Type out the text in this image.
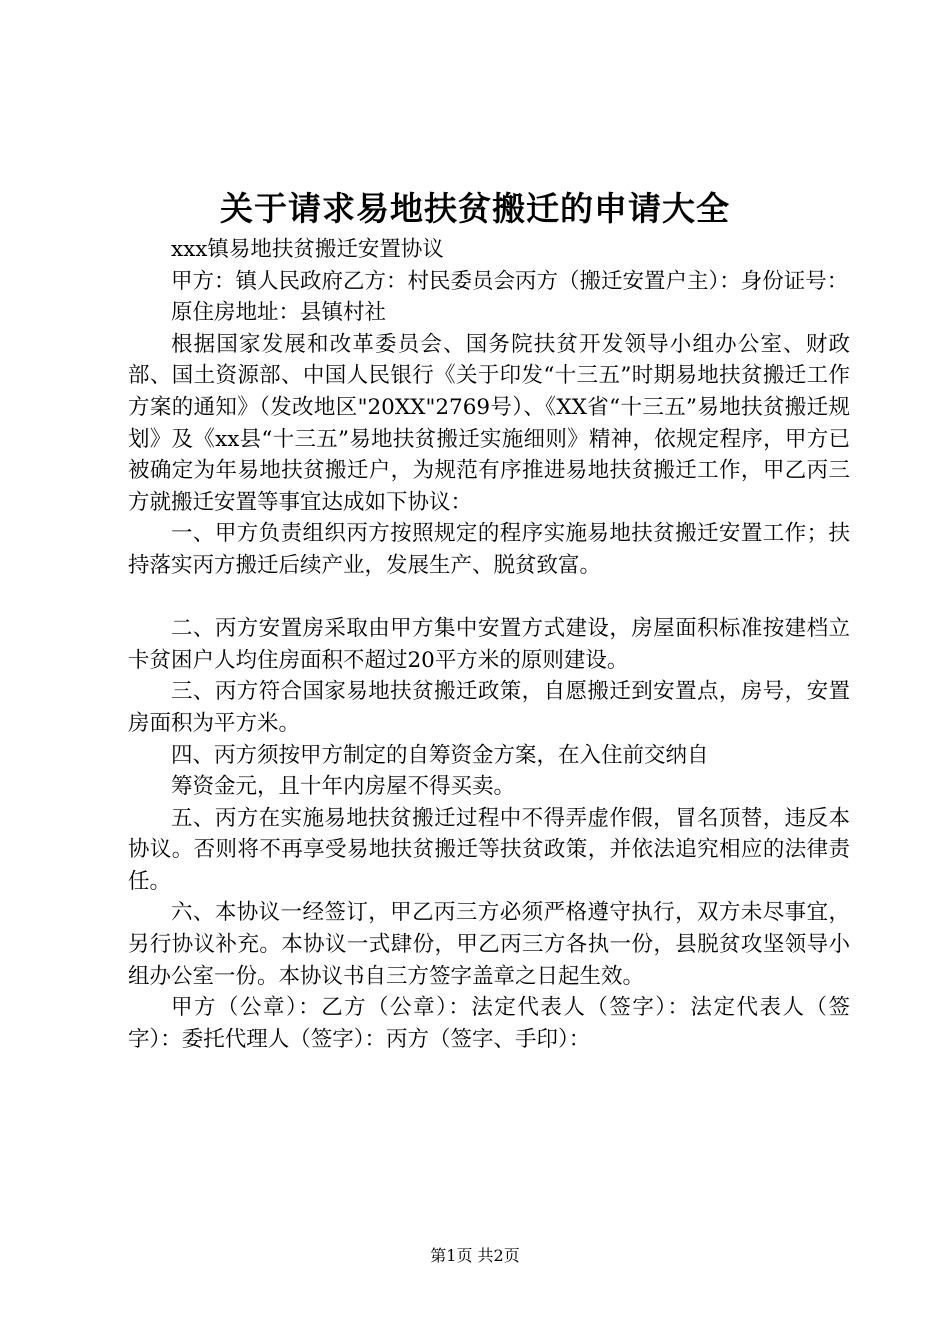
关于请求易地扶贫搬迁的申请大全

xxx镇易地扶贫搬迁安置协议

甲方：镇人民政府乙方：村民委员会丙方（搬迁安置户主）：身份证号：

原住房地址：县镇村社

根据国家发展和改革委员会、国务院扶贫开发领导小组办公室、财政部、国土资源部、中国人民银行《关于印发“十三五”时期易地扶贫搬迁工作方案的通知》（发改地区"20XX"2769号）、《XX省“十三五”易地扶贫搬迁规划》及《xx县“十三五”易地扶贫搬迁实施细则》精神，依规定程序，甲方已被确定为年易地扶贫搬迁户，为规范有序推进易地扶贫搬迁工作，甲乙丙三方就搬迁安置等事宜达成如下协议：

一、甲方负责组织丙方按照规定的程序实施易地扶贫搬迁安置工作；扶持落实丙方搬迁后续产业，发展生产、脱贫致富。

二、丙方安置房采取由甲方集中安置方式建设，房屋面积标准按建档立卡贫困户人均住房面积不超过20平方米的原则建设。

三、丙方符合国家易地扶贫搬迁政策，自愿搬迁到安置点，房号，安置房面积为平方米。

四、丙方须按甲方制定的自筹资金方案，在入住前交纳自

筹资金元，且十年内房屋不得买卖。

五、丙方在实施易地扶贫搬迁过程中不得弄虚作假，冒名顶替，违反本协议。否则将不再享受易地扶贫搬迁等扶贫政策，并依法追究相应的法律责任。

六、本协议一经签订，甲乙丙三方必须严格遵守执行，双方未尽事宜，另行协议补充。本协议一式肆份，甲乙丙三方各执一份，县脱贫攻坚领导小组办公室一份。本协议书自三方签字盖章之日起生效。

甲方（公章）：乙方（公章）：法定代表人（签字）：法定代表人（签字）：委托代理人（签字）：丙方（签字、手印）：

第1页 共2页
